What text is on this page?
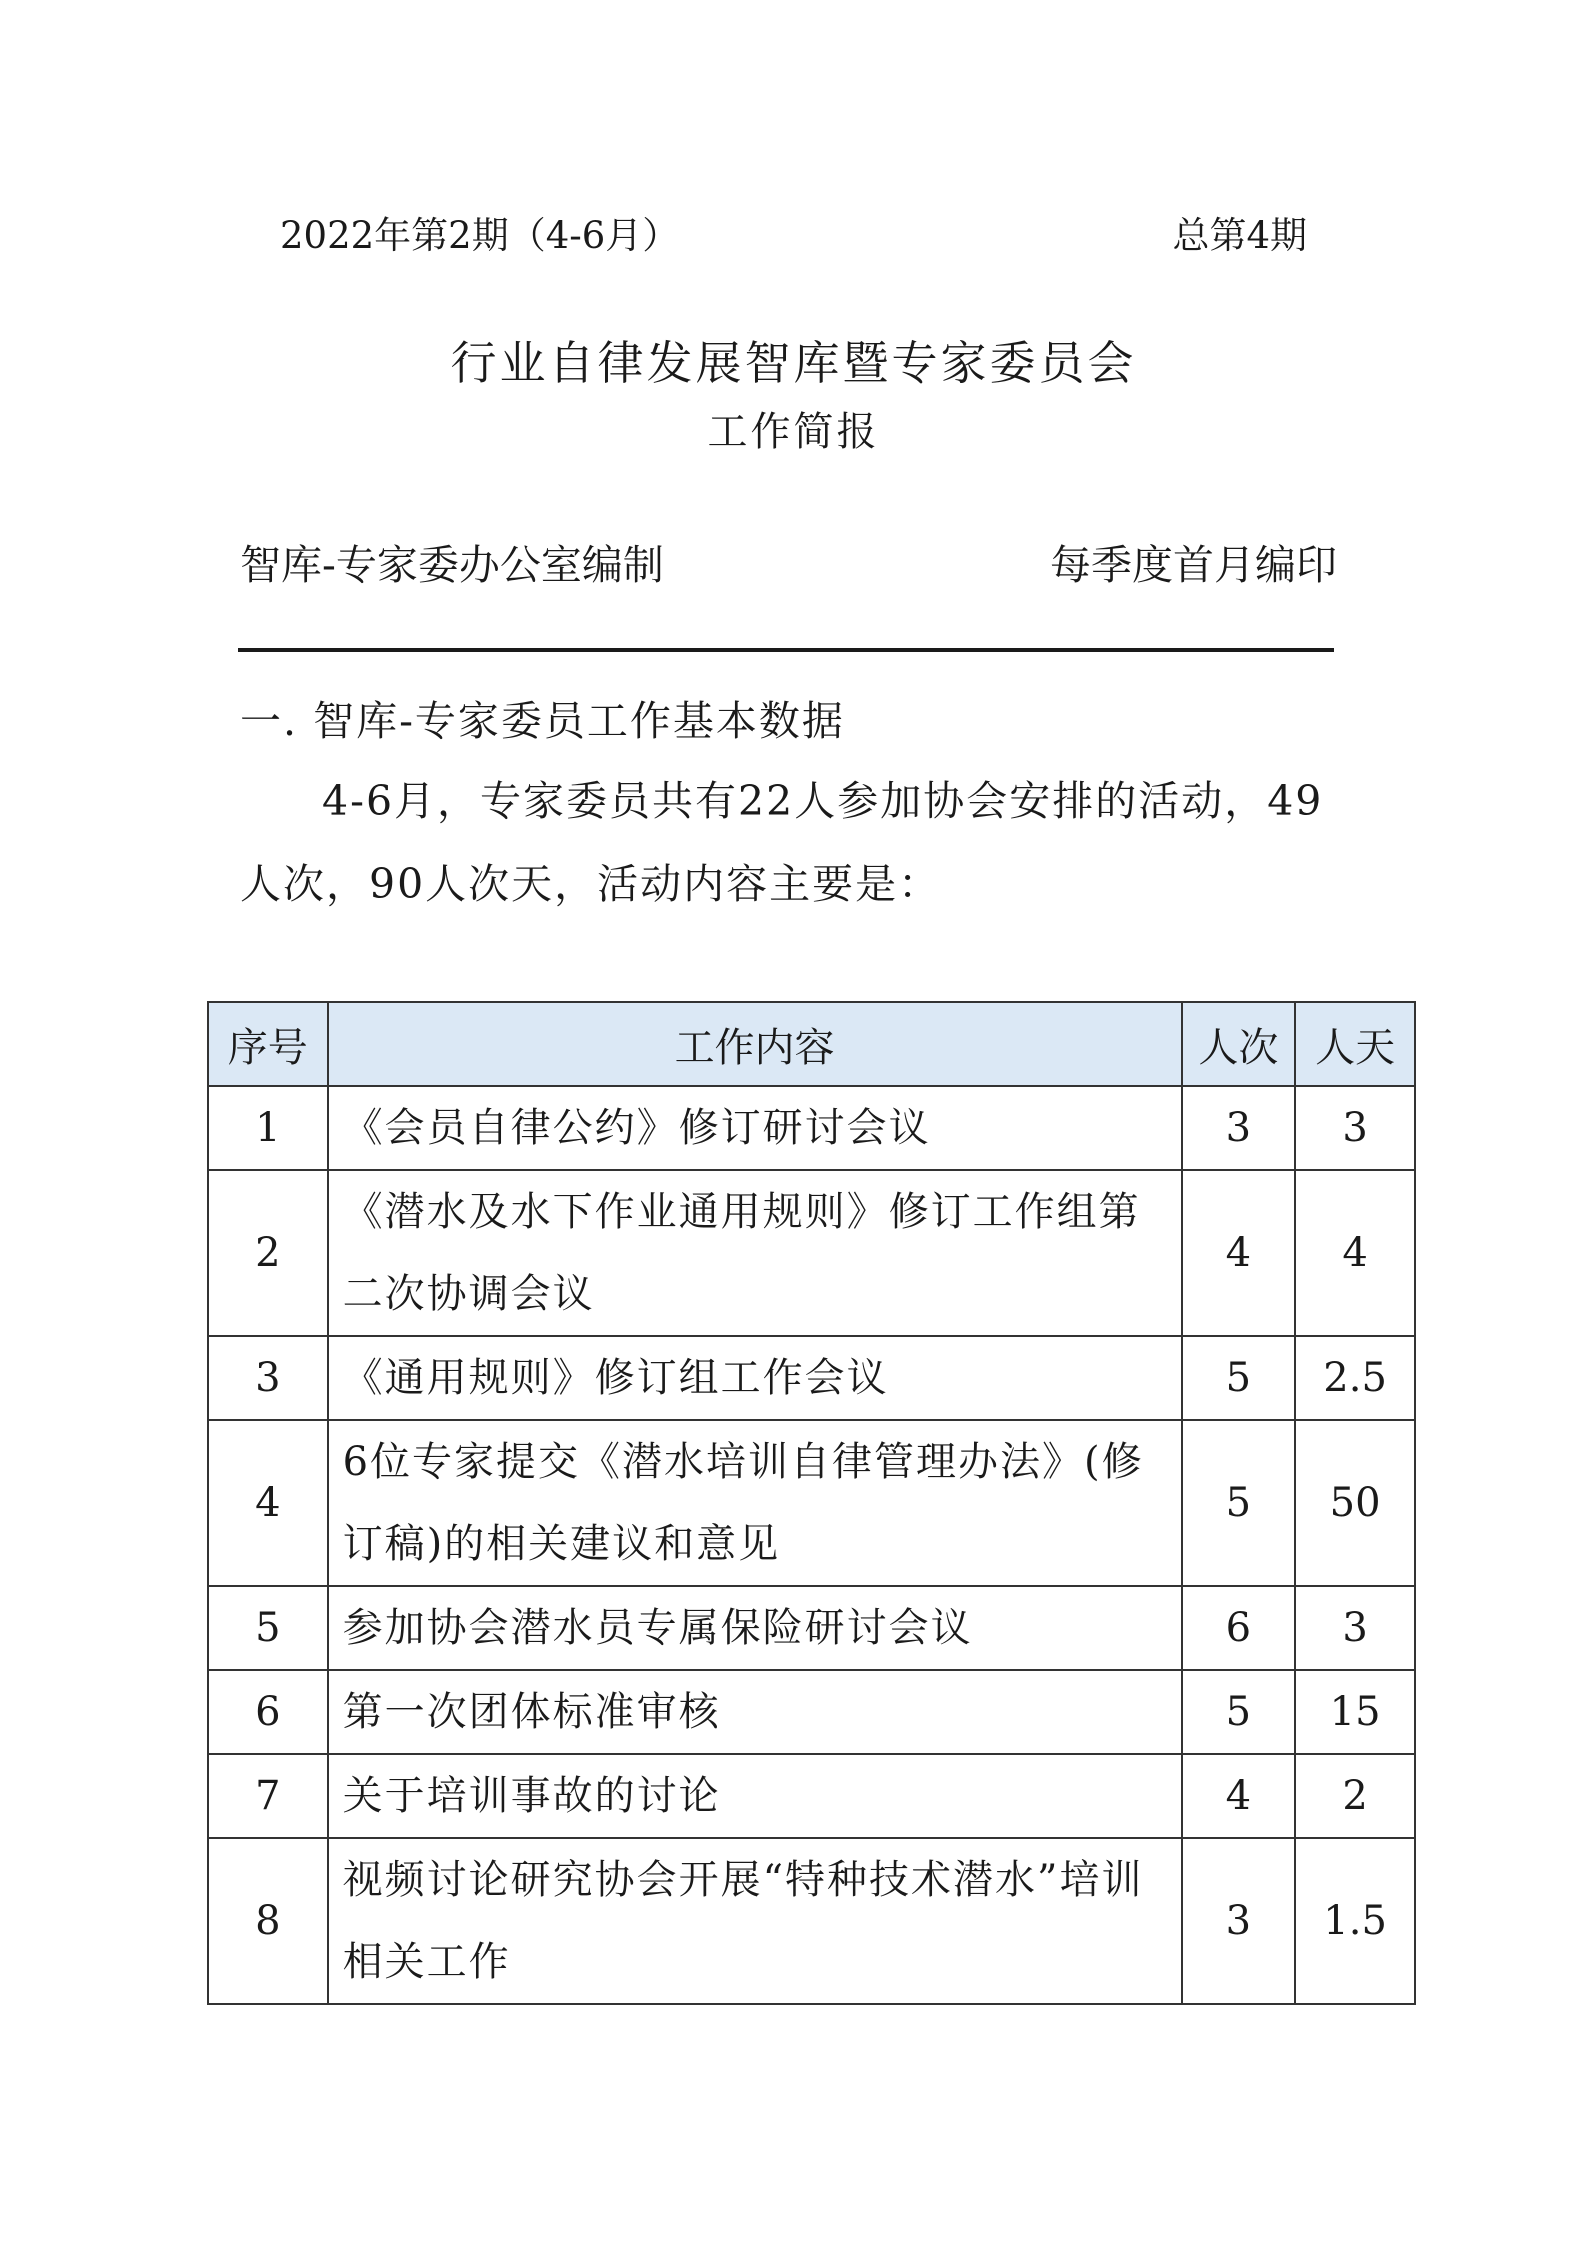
2022年第2期（4-6月）	总第4期
行业自律发展智库暨专家委员会
工作简报
智库-专家委办公室编制	每季度首月编印
一. 智库-专家委员工作基本数据
4-6月，专家委员共有22人参加协会安排的活动，49人次，90人次天，活动内容主要是：
序号	工作内容	人次	人天
1	《会员自律公约》修订研讨会议	3	3
2	《潜水及水下作业通用规则》修订工作组第二次协调会议	4	4
3	《通用规则》修订组工作会议	5	2.5
4	6位专家提交《潜水培训自律管理办法》(修订稿)的相关建议和意见	5	50
5	参加协会潜水员专属保险研讨会议	6	3
6	第一次团体标准审核	5	15
7	关于培训事故的讨论	4	2
8	视频讨论研究协会开展“特种技术潜水”培训相关工作	3	1.5
